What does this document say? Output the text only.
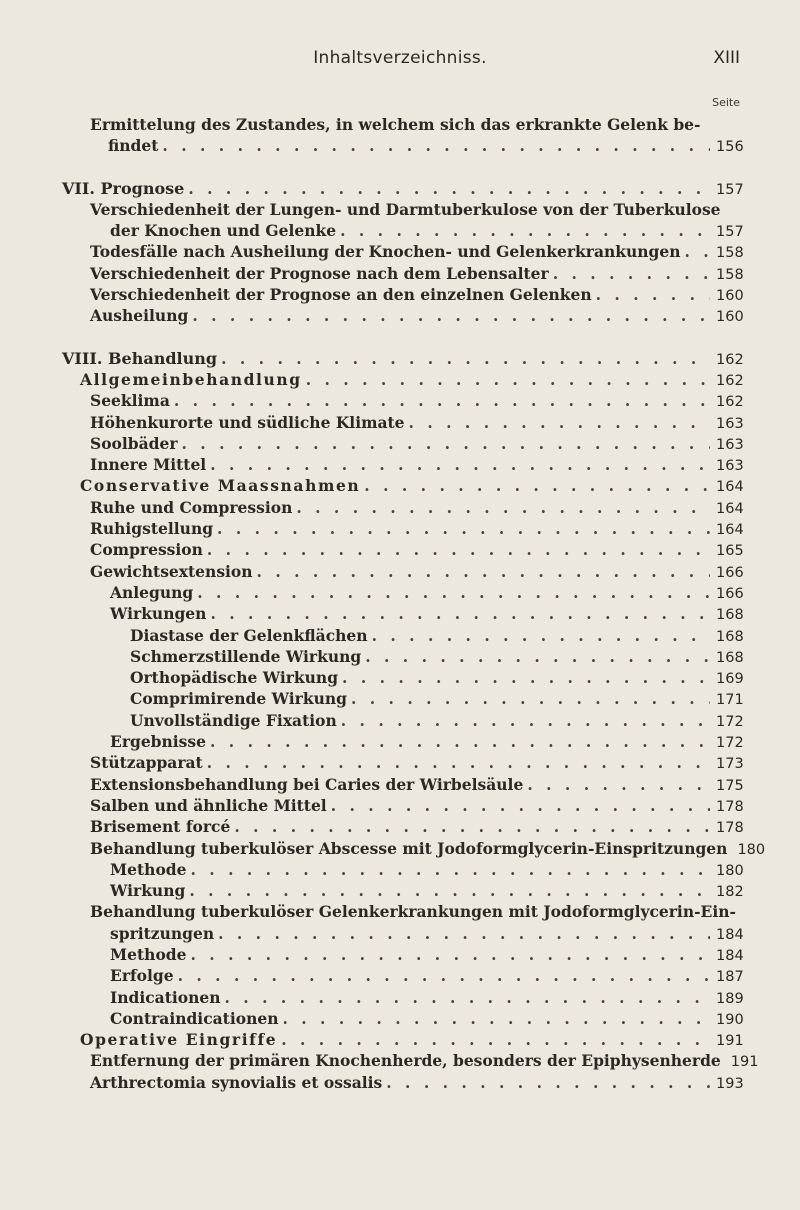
Inhaltsverzeichniss.	XIII
Seite
Ermittelung des Zustandes, in welchem sich das erkrankte Gelenk be-
findet . . .	156
VII. Prognose . . .	157
Verschiedenheit der Lungen- und Darmtuberkulose von der Tuberkulose
der Knochen und Gelenke . . .	157
Todesfälle nach Ausheilung der Knochen- und Gelenkerkrankungen . . . 158
Verschiedenheit der Prognose nach dem Lebensalter . . .	158
Verschiedenheit der Prognose an den einzelnen Gelenken . . .	160
Ausheilung . . .	160
VIII. Behandlung . . .	162
Allgemeinbehandlung . . .	162
Seeklima . . .	162
Höhenkurorte und südliche Klimate . . .	163
Soolbäder . . .	163
Innere Mittel . . .	163
Conservative Maassnahmen . . .	164
Ruhe und Compression . . .	164
Ruhigstellung . . .	164
Compression . . .	165
Gewichtsextension . . .	166
Anlegung . . .	166
Wirkungen . . .	168
Diastase der Gelenkflächen . . .	168
Schmerzstillende Wirkung . . .	168
Orthopädische Wirkung . . .	169
Comprimirende Wirkung . . .	171
Unvollständige Fixation . . .	172
Ergebnisse . . .	172
Stützapparat . . .	173
Extensionsbehandlung bei Caries der Wirbelsäule . . .	175
Salben und ähnliche Mittel . . .	178
Brisement forcé . . .	178
Behandlung tuberkulöser Abscesse mit Jodoformglycerin-Einspritzungen 180
Methode . . .	180
Wirkung . . .	182
Behandlung tuberkulöser Gelenkerkrankungen mit Jodoformglycerin-Ein-
spritzungen . . .	184
Methode . . .	184
Erfolge . . .	187
Indicationen . . .	189
Contraindicationen . . .	190
Operative Eingriffe . . .	191
Entfernung der primären Knochenherde, besonders der Epiphysenherde 191
Arthrectomia synovialis et ossalis . . .	193
